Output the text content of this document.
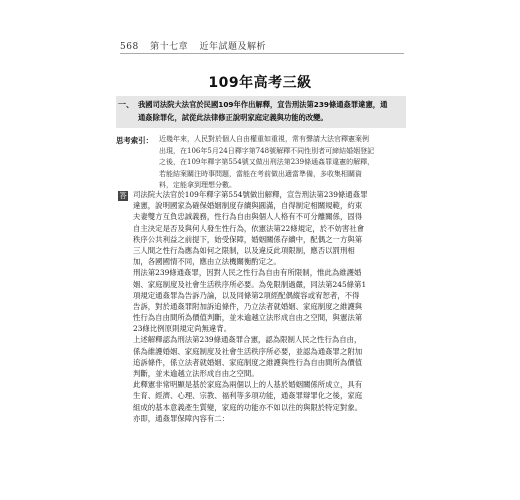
568 第十七章 近年試題及解析
109年高考三級
一、 我國司法院大法官於民國109年作出解釋，宣告刑法第239條通姦罪違憲，通
通姦除罪化，試從此法律修正說明家庭定義與功能的改變。
思考索引： 近幾年來，人民對於個人自由權重如重視，常有聲請大法官釋憲案例
出現，在106年5月24日釋字第748號解釋不同性別者可締結婚姻登記
之後，在109年釋字第554號又做出刑法第239條通姦罪違憲的解釋，
若能結案關注時事問題，當能在考前做出適當準備，多收集相關資
料，定能拿到理想分數。
答 司法院大法官於109年釋字第554號做出解釋，宣告刑法第239條通姦罪
違憲，說明國家為確保婚姻制度存續與圓滿，自得制定相關規範，約束
夫妻雙方互負忠誠義務，性行為自由與個人人格有不可分離關係，固得
自主決定是否及與何人發生性行為，依憲法第22條規定，於不妨害社會
秩序公共利益之前提下，始受保障，婚姻關係存續中，配偶之一方與第
三人間之性行為應為如何之限制，以及違反此項限制，應否以罰刑相
加，各國國情不同，應由立法機關衡酌定之。
刑法第239條通姦罪，因對人民之性行為自由有所限制，惟此為維護婚
姻、家庭制度及社會生活秩序所必要。為免限制過嚴，同法第245條第1
項規定通姦罪為告訴乃論，以及同條第2項經配偶縱容或宥恕者，不得
告訴，對於通姦罪附加訴追條件，乃立法者就婚姻、家庭制度之維護與
性行為自由間所為價值判斷，並未逾越立法形成自由之空間，與憲法第
23條比例原則規定尚無違背。
上述解釋認為刑法第239條通姦罪合憲，認為限制人民之性行為自由，
係為維護婚姻、家庭制度及社會生活秩序所必要，並認為通姦罪之附加
追訴條件，係立法者就婚姻、家庭制度之維護與性行為自由間所為價值
判斷，並未逾越立法形成自由之空間。
此釋憲非常明顯是基於家庭為兩個以上的人基於婚姻關係所成立，具有
生育、經濟、心理、宗教、福利等多項功能，通姦罪辯罪化之後，家庭
組成的基本意義產生質變，家庭的功能亦不如以往的與限於特定對象。
亦即，通姦罪保障內容有二：
